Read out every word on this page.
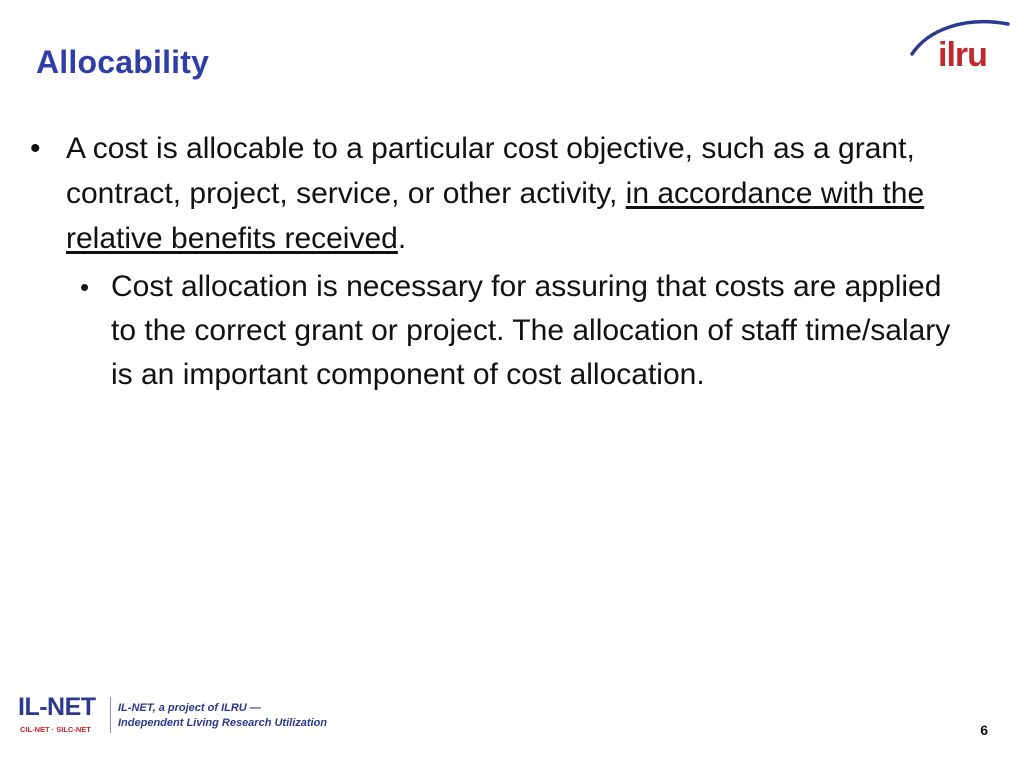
Allocability	ilru
• A cost is allocable to a particular cost objective, such as a grant, contract, project, service, or other activity, in accordance with the relative benefits received.
• Cost allocation is necessary for assuring that costs are applied to the correct grant or project. The allocation of staff time/salary is an important component of cost allocation.
IL-NET
CIL-NET · SILC-NET
IL-NET, a project of ILRU —
Independent Living Research Utilization	6
